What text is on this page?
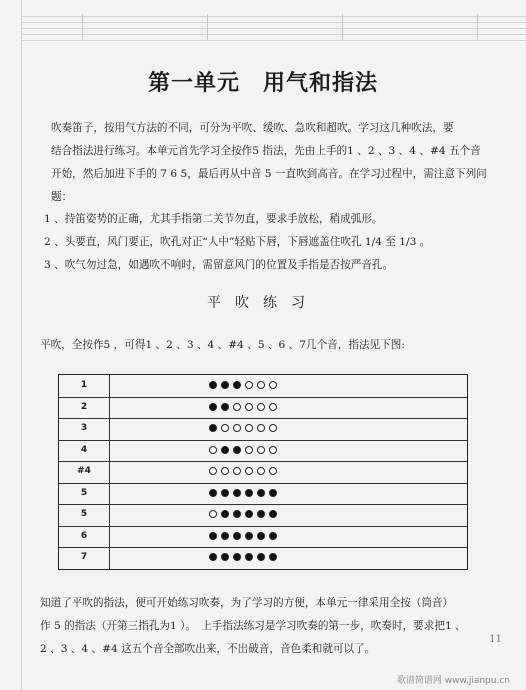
第一单元　用气和指法
吹奏笛子，按用气方法的不同，可分为平吹、缓吹、急吹和超吹。学习这几种吹法，要
结合指法进行练习。本单元首先学习全按作5 指法，先由上手的1 、2 、3 、4 、#4 五个音
开始，然后加进下手的 7 6 5，最后再从中音 5 一直吹到高音。在学习过程中，需注意下列问
题：
1 、持笛姿势的正确，尤其手指第二关节勿直，要求手放松，稍成弧形。
2 、头要直，风门要正，吹孔对正“人中”轻贴下唇，下唇遮盖住吹孔 1/4 至 1/3 。
3 、吹气勿过急，如遇吹不响时，需留意风门的位置及手指是否按严音孔。
平吹练习
平吹，全按作5 ，可得1 、2 、3 、4 、#4 、5 、6 、7几个音，指法见下图:
1
2
3
4
#4
5
5
6
7
知道了平吹的指法，便可开始练习吹奏，为了学习的方便，本单元一律采用全按（筒音）
作 5 的指法（开第三指孔为1 ）。　上手指法练习是学习吹奏的第一步，吹奏时，要求把1 、
2 、3 、4 、#4 这五个音全部吹出来，不出破音，音色柔和就可以了。
11
歌谱简谱网 www.jianpu.cn
